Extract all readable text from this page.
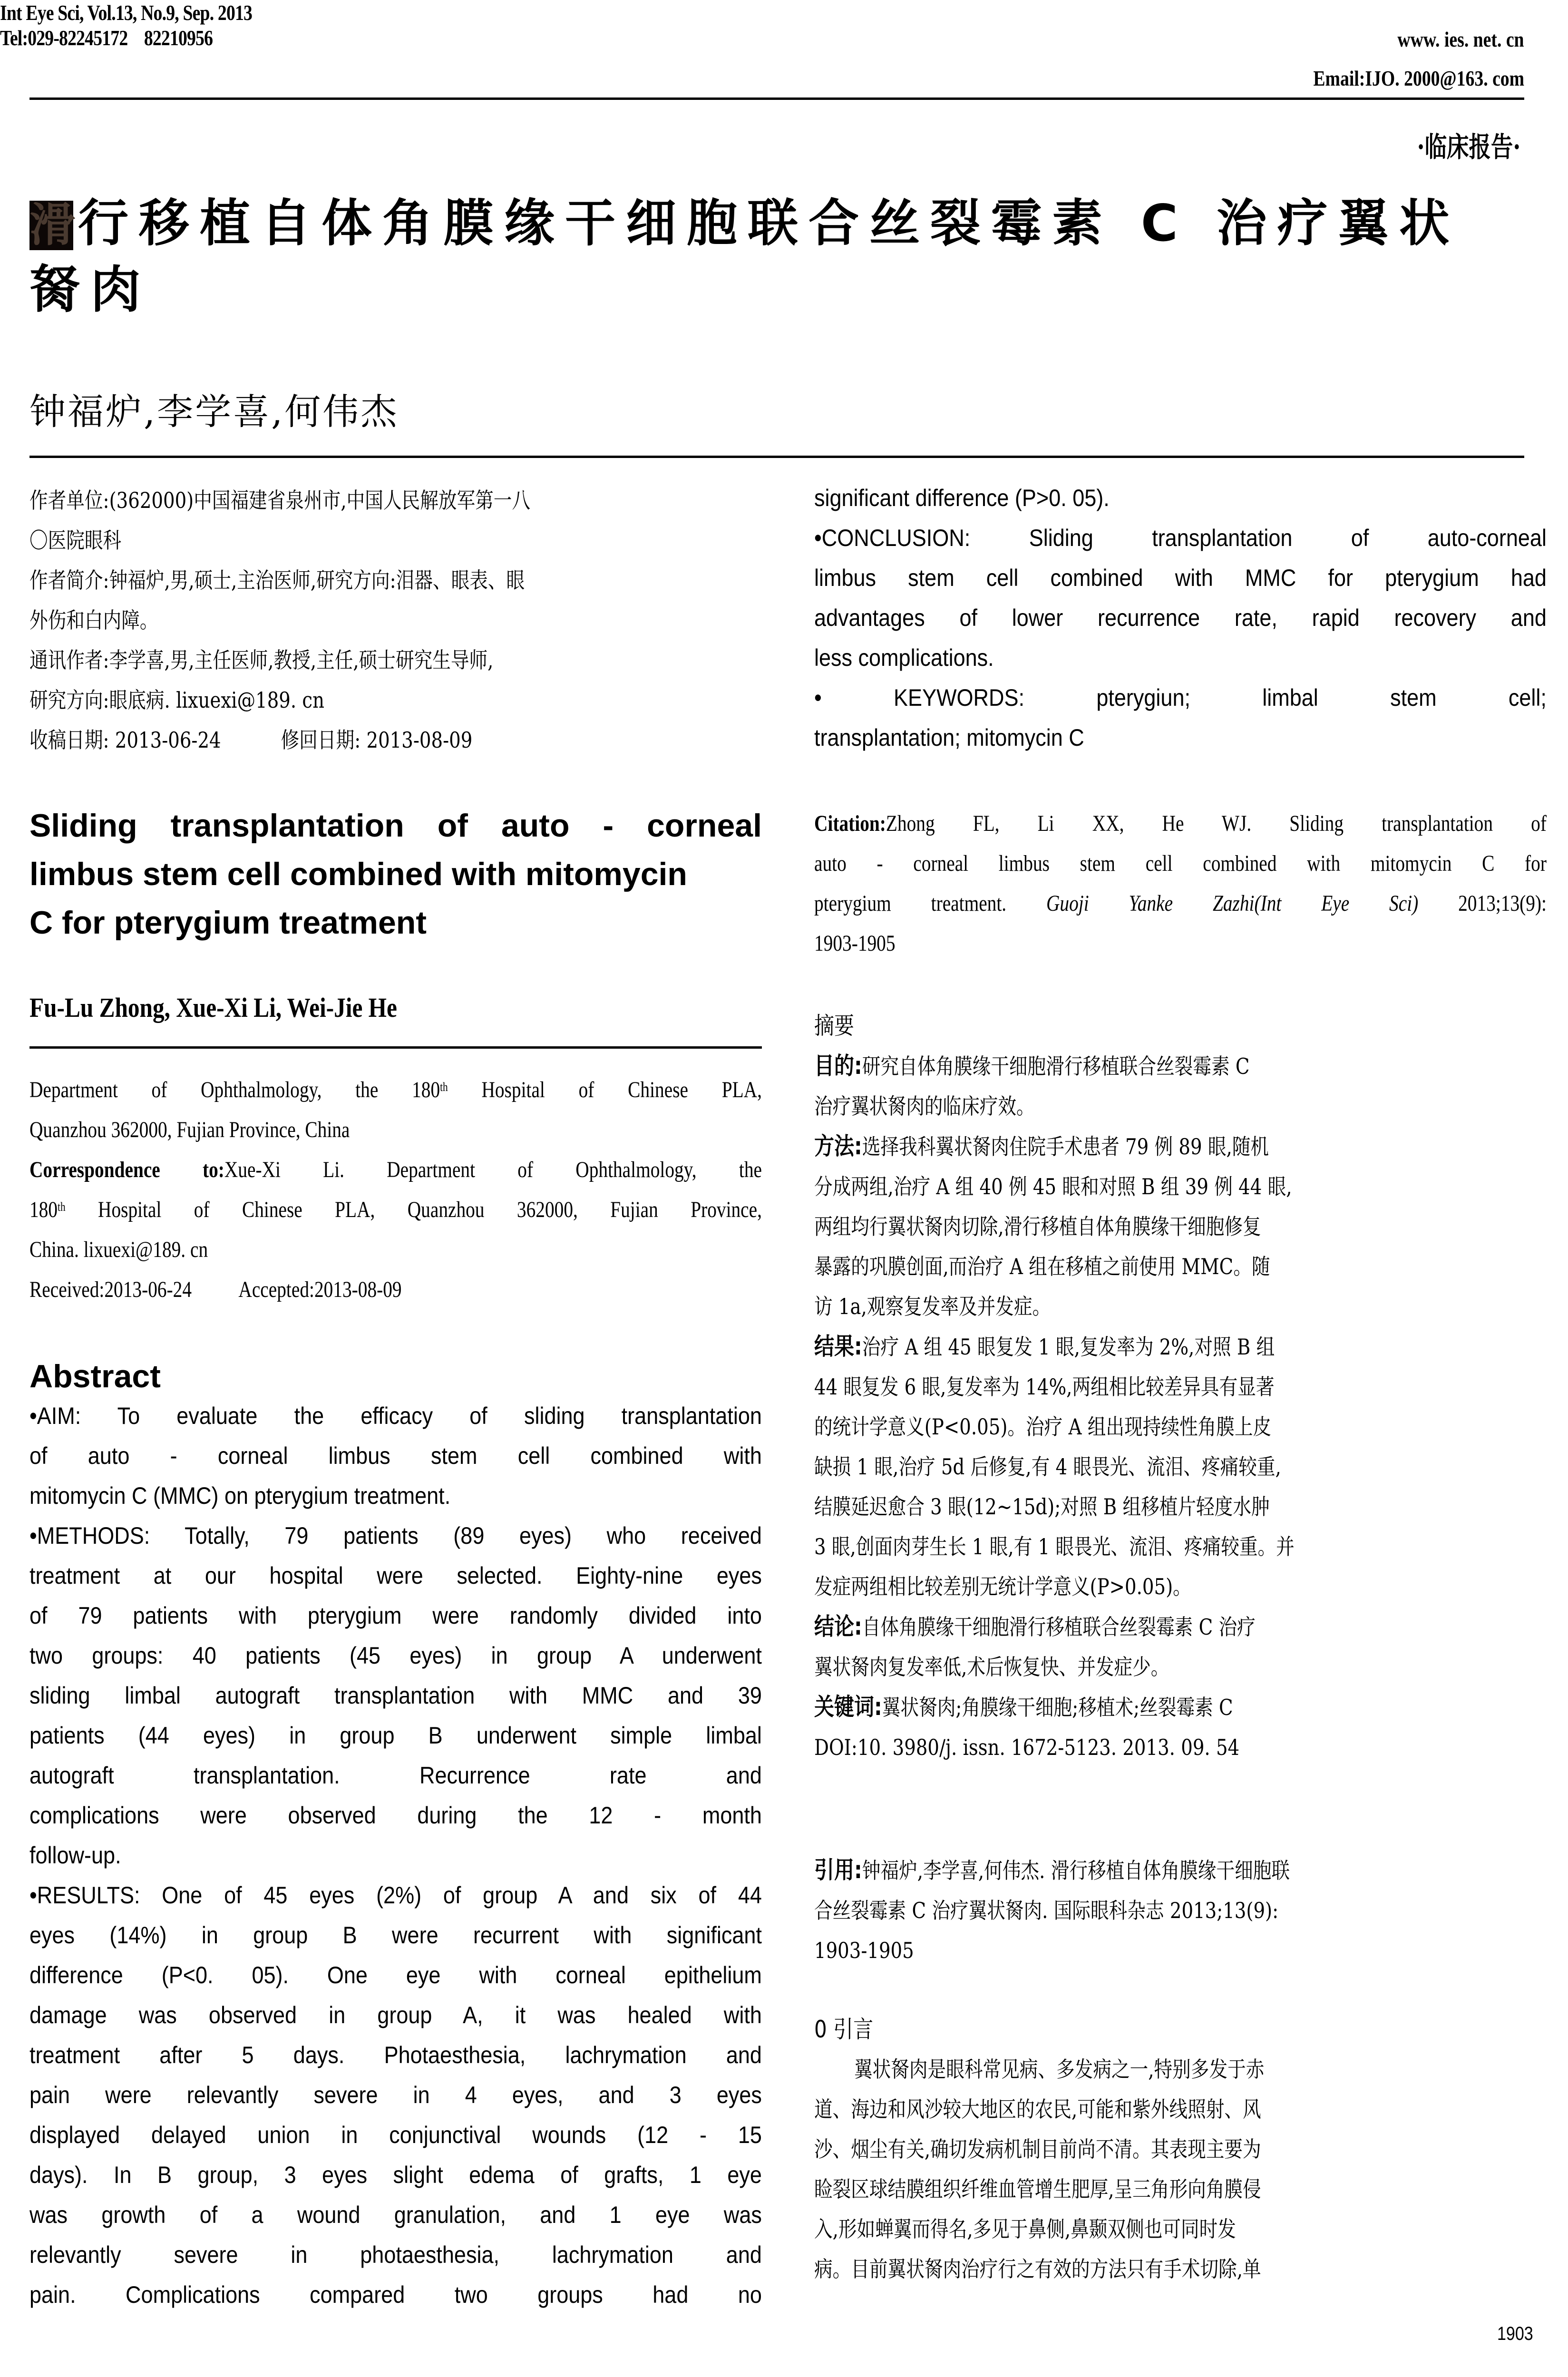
Int Eye Sci, Vol.13, No.9, Sep. 2013
www. ies. net. cn
Tel:029-82245172    82210956
Email:IJO. 2000@163. com
·临床报告·
滑行移植自体角膜缘干细胞联合丝裂霉素 C 治疗翼状
胬肉
钟福炉,李学喜,何伟杰
作者单位:(362000)中国福建省泉州市,中国人民解放军第一八
〇医院眼科
作者简介:钟福炉,男,硕士,主治医师,研究方向:泪器、眼表、眼
外伤和白内障。
通讯作者:李学喜,男,主任医师,教授,主任,硕士研究生导师,
研究方向:眼底病. lixuexi@189. cn
收稿日期: 2013-06-24	修回日期: 2013-08-09
Sliding transplantation of auto - corneal
limbus stem cell combined with mitomycin
C for pterygium treatment
Fu-Lu Zhong, Xue-Xi Li, Wei-Jie He
Department of Ophthalmology, the 180th Hospital of Chinese PLA,
Quanzhou 362000, Fujian Province, China
Correspondence to:Xue-Xi Li. Department of Ophthalmology, the
180th Hospital of Chinese PLA, Quanzhou 362000, Fujian Province,
China. lixuexi@189. cn
Received:2013-06-24 Accepted:2013-08-09
Abstract
•AIM: To evaluate the efficacy of sliding transplantation
of auto - corneal limbus stem cell combined with
mitomycin C (MMC) on pterygium treatment.
•METHODS: Totally, 79 patients (89 eyes) who received
treatment at our hospital were selected. Eighty-nine eyes
of 79 patients with pterygium were randomly divided into
two groups: 40 patients (45 eyes) in group A underwent
sliding limbal autograft transplantation with MMC and 39
patients (44 eyes) in group B underwent simple limbal
autograft transplantation. Recurrence rate and
complications were observed during the 12 - month
follow-up.
•RESULTS: One of 45 eyes (2%) of group A and six of 44
eyes (14%) in group B were recurrent with significant
difference (P<0. 05). One eye with corneal epithelium
damage was observed in group A, it was healed with
treatment after 5 days. Photaesthesia, lachrymation and
pain were relevantly severe in 4 eyes, and 3 eyes
displayed delayed union in conjunctival wounds (12 - 15
days). In B group, 3 eyes slight edema of grafts, 1 eye
was growth of a wound granulation, and 1 eye was
relevantly severe in photaesthesia, lachrymation and
pain. Complications compared two groups had no
significant difference (P>0. 05).
•CONCLUSION: Sliding transplantation of auto-corneal
limbus stem cell combined with MMC for pterygium had
advantages of lower recurrence rate, rapid recovery and
less complications.
• KEYWORDS: pterygiun; limbal stem cell;
transplantation; mitomycin C
Citation:Zhong FL, Li XX, He WJ. Sliding transplantation of
auto - corneal limbus stem cell combined with mitomycin C for
pterygium treatment. Guoji Yanke Zazhi(Int Eye Sci) 2013;13(9):
1903-1905
摘要
目的:研究自体角膜缘干细胞滑行移植联合丝裂霉素 C
治疗翼状胬肉的临床疗效。
方法:选择我科翼状胬肉住院手术患者 79 例 89 眼,随机
分成两组,治疗 A 组 40 例 45 眼和对照 B 组 39 例 44 眼,
两组均行翼状胬肉切除,滑行移植自体角膜缘干细胞修复
暴露的巩膜创面,而治疗 A 组在移植之前使用 MMC。随
访 1a,观察复发率及并发症。
结果:治疗 A 组 45 眼复发 1 眼,复发率为 2%,对照 B 组
44 眼复发 6 眼,复发率为 14%,两组相比较差异具有显著
的统计学意义(P<0.05)。治疗 A 组出现持续性角膜上皮
缺损 1 眼,治疗 5d 后修复,有 4 眼畏光、流泪、疼痛较重,
结膜延迟愈合 3 眼(12~15d);对照 B 组移植片轻度水肿
3 眼,创面肉芽生长 1 眼,有 1 眼畏光、流泪、疼痛较重。并
发症两组相比较差别无统计学意义(P>0.05)。
结论:自体角膜缘干细胞滑行移植联合丝裂霉素 C 治疗
翼状胬肉复发率低,术后恢复快、并发症少。
关键词:翼状胬肉;角膜缘干细胞;移植术;丝裂霉素 C
DOI:10. 3980/j. issn. 1672-5123. 2013. 09. 54
引用:钟福炉,李学喜,何伟杰. 滑行移植自体角膜缘干细胞联
合丝裂霉素 C 治疗翼状胬肉. 国际眼科杂志 2013;13(9):
1903-1905
0 引言
翼状胬肉是眼科常见病、多发病之一,特别多发于赤
道、海边和风沙较大地区的农民,可能和紫外线照射、风
沙、烟尘有关,确切发病机制目前尚不清。其表现主要为
睑裂区球结膜组织纤维血管增生肥厚,呈三角形向角膜侵
入,形如蝉翼而得名,多见于鼻侧,鼻颞双侧也可同时发
病。目前翼状胬肉治疗行之有效的方法只有手术切除,单
1903
